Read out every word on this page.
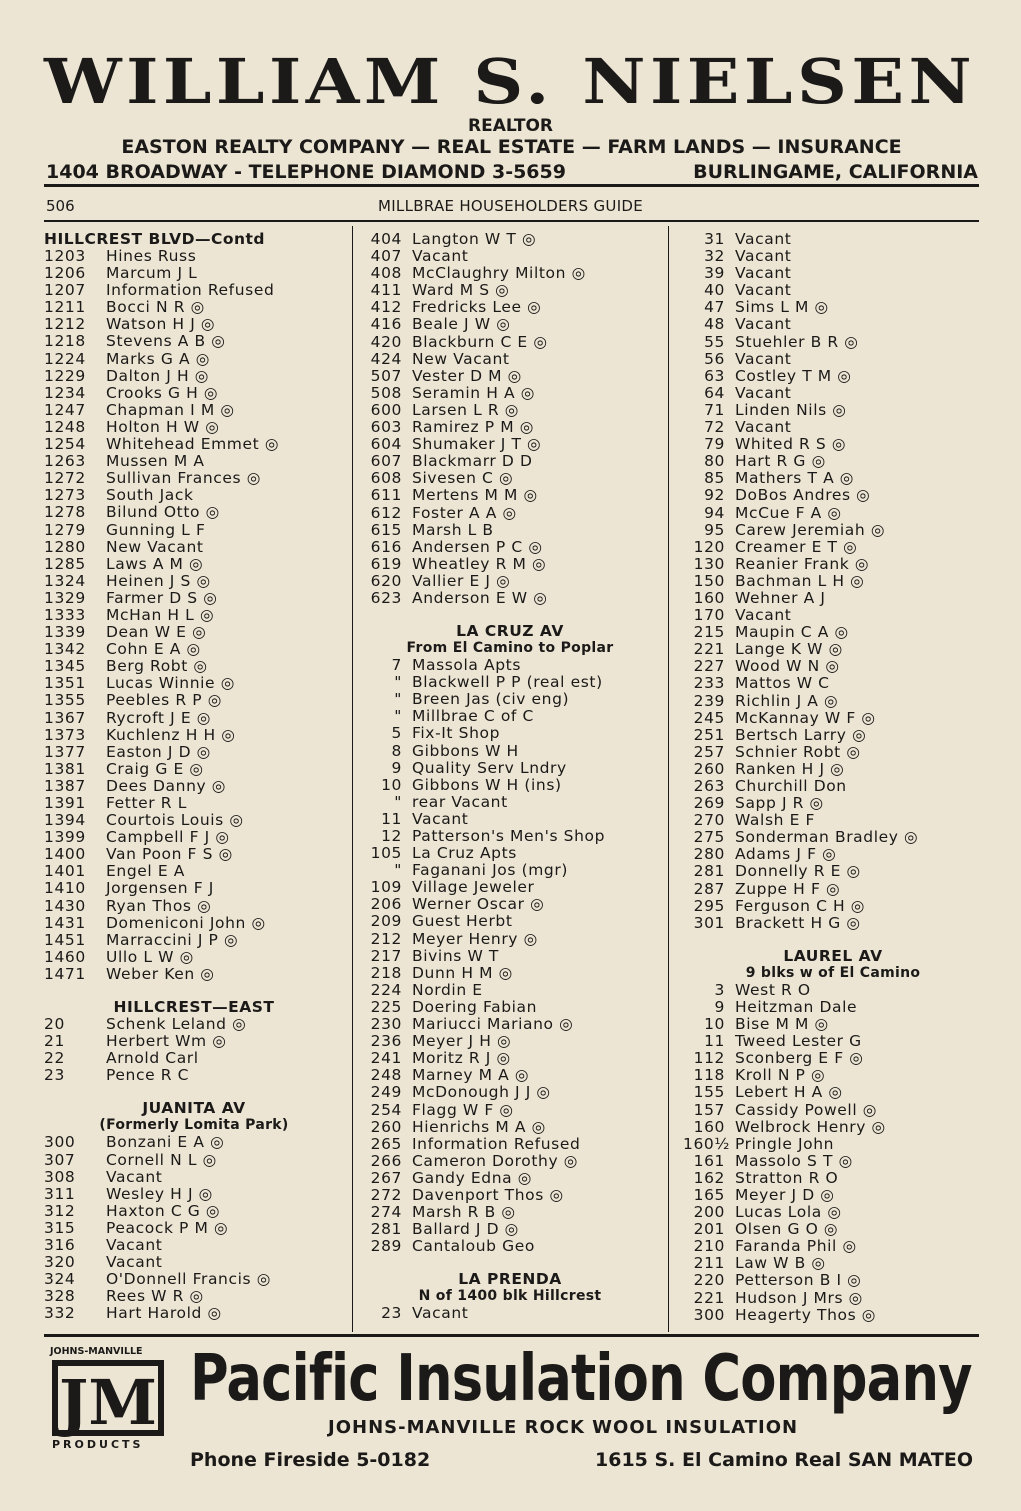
WILLIAM S. NIELSEN
REALTOR
EASTON REALTY COMPANY — REAL ESTATE — FARM LANDS — INSURANCE
1404 BROADWAY - TELEPHONE DIAMOND 3-5659	BURLINGAME, CALIFORNIA
506	MILLBRAE HOUSEHOLDERS GUIDE
HILLCREST BLVD—Contd
1203 Hines Russ
1206 Marcum J L
1207 Information Refused
1211 Bocci N R ◎
1212 Watson H J ◎
1218 Stevens A B ◎
1224 Marks G A ◎
1229 Dalton J H ◎
1234 Crooks G H ◎
1247 Chapman I M ◎
1248 Holton H W ◎
1254 Whitehead Emmet ◎
1263 Mussen M A
1272 Sullivan Frances ◎
1273 South Jack
1278 Bilund Otto ◎
1279 Gunning L F
1280 New Vacant
1285 Laws A M ◎
1324 Heinen J S ◎
1329 Farmer D S ◎
1333 McHan H L ◎
1339 Dean W E ◎
1342 Cohn E A ◎
1345 Berg Robt ◎
1351 Lucas Winnie ◎
1355 Peebles R P ◎
1367 Rycroft J E ◎
1373 Kuchlenz H H ◎
1377 Easton J D ◎
1381 Craig G E ◎
1387 Dees Danny ◎
1391 Fetter R L
1394 Courtois Louis ◎
1399 Campbell F J ◎
1400 Van Poon F S ◎
1401 Engel E A
1410 Jorgensen F J
1430 Ryan Thos ◎
1431 Domeniconi John ◎
1451 Marraccini J P ◎
1460 Ullo L W ◎
1471 Weber Ken ◎
HILLCREST—EAST
20	Schenk Leland ◎
21	Herbert Wm ◎
22	Arnold Carl
23	Pence R C
JUANITA AV
(Formerly Lomita Park)
300	Bonzani E A ◎
307	Cornell N L ◎
308	Vacant
311	Wesley H J ◎
312	Haxton C G ◎
315	Peacock P M ◎
316	Vacant
320	Vacant
324	O'Donnell Francis ◎
328	Rees W R ◎
332	Hart Harold ◎
404 Langton W T ◎
407 Vacant
408 McClaughry Milton ◎
411 Ward M S ◎
412 Fredricks Lee ◎
416 Beale J W ◎
420 Blackburn C E ◎
424 New Vacant
507 Vester D M ◎
508 Seramin H A ◎
600 Larsen L R ◎
603 Ramirez P M ◎
604 Shumaker J T ◎
607 Blackmarr D D
608 Sivesen C ◎
611 Mertens M M ◎
612 Foster A A ◎
615 Marsh L B
616 Andersen P C ◎
619 Wheatley R M ◎
620 Vallier E J ◎
623 Anderson E W ◎
LA CRUZ AV
From El Camino to Poplar
7 Massola Apts
" Blackwell P P (real est)
" Breen Jas (civ eng)
" Millbrae C of C
5 Fix-It Shop
8 Gibbons W H
9 Quality Serv Lndry
10 Gibbons W H (ins)
" rear Vacant
11 Vacant
12 Patterson's Men's Shop
105 La Cruz Apts
" Faganani Jos (mgr)
109 Village Jeweler
206 Werner Oscar ◎
209 Guest Herbt
212 Meyer Henry ◎
217 Bivins W T
218 Dunn H M ◎
224 Nordin E
225 Doering Fabian
230 Mariucci Mariano ◎
236 Meyer J H ◎
241 Moritz R J ◎
248 Marney M A ◎
249 McDonough J J ◎
254 Flagg W F ◎
260 Hienrichs M A ◎
265 Information Refused
266 Cameron Dorothy ◎
267 Gandy Edna ◎
272 Davenport Thos ◎
274 Marsh R B ◎
281 Ballard J D ◎
289 Cantaloub Geo
LA PRENDA
N of 1400 blk Hillcrest
23 Vacant
31 Vacant
32 Vacant
39 Vacant
40 Vacant
47 Sims L M ◎
48 Vacant
55 Stuehler B R ◎
56 Vacant
63 Costley T M ◎
64 Vacant
71 Linden Nils ◎
72 Vacant
79 Whited R S ◎
80 Hart R G ◎
85 Mathers T A ◎
92 DoBos Andres ◎
94 McCue F A ◎
95 Carew Jeremiah ◎
120 Creamer E T ◎
130 Reanier Frank ◎
150 Bachman L H ◎
160 Wehner A J
170 Vacant
215 Maupin C A ◎
221 Lange K W ◎
227 Wood W N ◎
233 Mattos W C
239 Richlin J A ◎
245 McKannay W F ◎
251 Bertsch Larry ◎
257 Schnier Robt ◎
260 Ranken H J ◎
263 Churchill Don
269 Sapp J R ◎
270 Walsh E F
275 Sonderman Bradley ◎
280 Adams J F ◎
281 Donnelly R E ◎
287 Zuppe H F ◎
295 Ferguson C H ◎
301 Brackett H G ◎
LAUREL AV
9 blks w of El Camino
3 West R O
9 Heitzman Dale
10 Bise M M ◎
11 Tweed Lester G
112 Sconberg E F ◎
118 Kroll N P ◎
155 Lebert H A ◎
157 Cassidy Powell ◎
160 Welbrock Henry ◎
160½ Pringle John
161 Massolo S T ◎
162 Stratton R O
165 Meyer J D ◎
200 Lucas Lola ◎
201 Olsen G O ◎
210 Faranda Phil ◎
211 Law W B ◎
220 Petterson B I ◎
221 Hudson J Mrs ◎
300 Heagerty Thos ◎
JOHNS-MANVILLE
JM
PRODUCTS
Pacific Insulation Company
JOHNS-MANVILLE ROCK WOOL INSULATION
Phone Fireside 5-0182	1615 S. El Camino Real SAN MATEO
